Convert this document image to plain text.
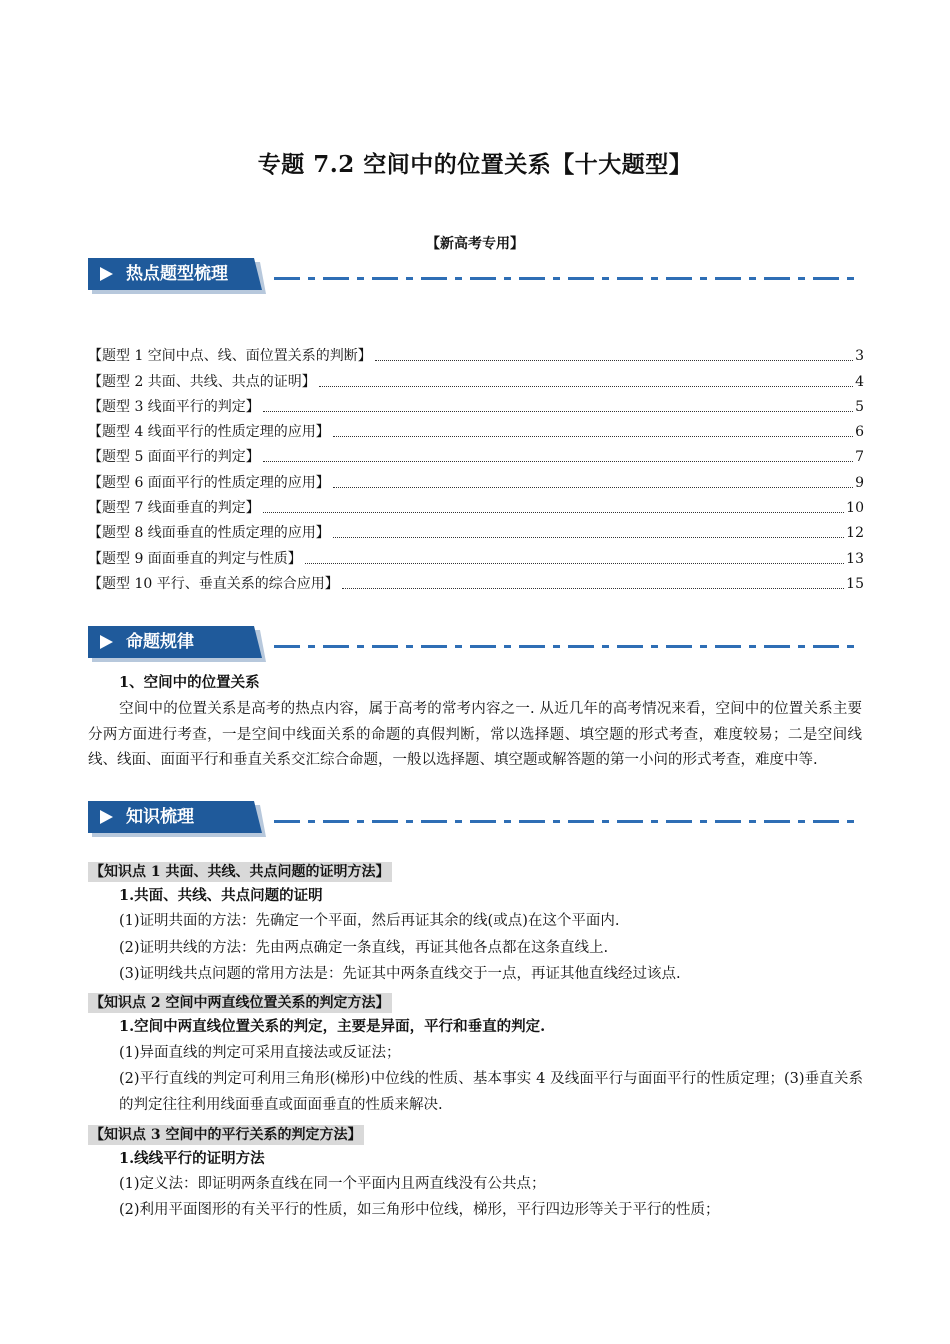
专题 7.2 空间中的位置关系【十大题型】
【新高考专用】
热点题型梳理
【题型 1 空间中点、线、面位置关系的判断】	3
【题型 2 共面、共线、共点的证明】	4
【题型 3 线面平行的判定】	5
【题型 4 线面平行的性质定理的应用】	6
【题型 5 面面平行的判定】	7
【题型 6 面面平行的性质定理的应用】	9
【题型 7 线面垂直的判定】	10
【题型 8 线面垂直的性质定理的应用】	12
【题型 9 面面垂直的判定与性质】	13
【题型 10 平行、垂直关系的综合应用】	15
命题规律
1、空间中的位置关系
空间中的位置关系是高考的热点内容，属于高考的常考内容之一. 从近几年的高考情况来看，空间中的位置关系主要分两方面进行考查，一是空间中线面关系的命题的真假判断，常以选择题、填空题的形式考查，难度较易；二是空间线线、线面、面面平行和垂直关系交汇综合命题，一般以选择题、填空题或解答题的第一小问的形式考查，难度中等.
知识梳理
【知识点 1 共面、共线、共点问题的证明方法】
1.共面、共线、共点问题的证明
(1)证明共面的方法：先确定一个平面，然后再证其余的线(或点)在这个平面内.
(2)证明共线的方法：先由两点确定一条直线，再证其他各点都在这条直线上.
(3)证明线共点问题的常用方法是：先证其中两条直线交于一点，再证其他直线经过该点.
【知识点 2 空间中两直线位置关系的判定方法】
1.空间中两直线位置关系的判定，主要是异面，平行和垂直的判定.
(1)异面直线的判定可采用直接法或反证法；
(2)平行直线的判定可利用三角形(梯形)中位线的性质、基本事实 4 及线面平行与面面平行的性质定理；(3)垂直关系的判定往往利用线面垂直或面面垂直的性质来解决.
【知识点 3 空间中的平行关系的判定方法】
1.线线平行的证明方法
(1)定义法：即证明两条直线在同一个平面内且两直线没有公共点；
(2)利用平面图形的有关平行的性质，如三角形中位线，梯形，平行四边形等关于平行的性质；
